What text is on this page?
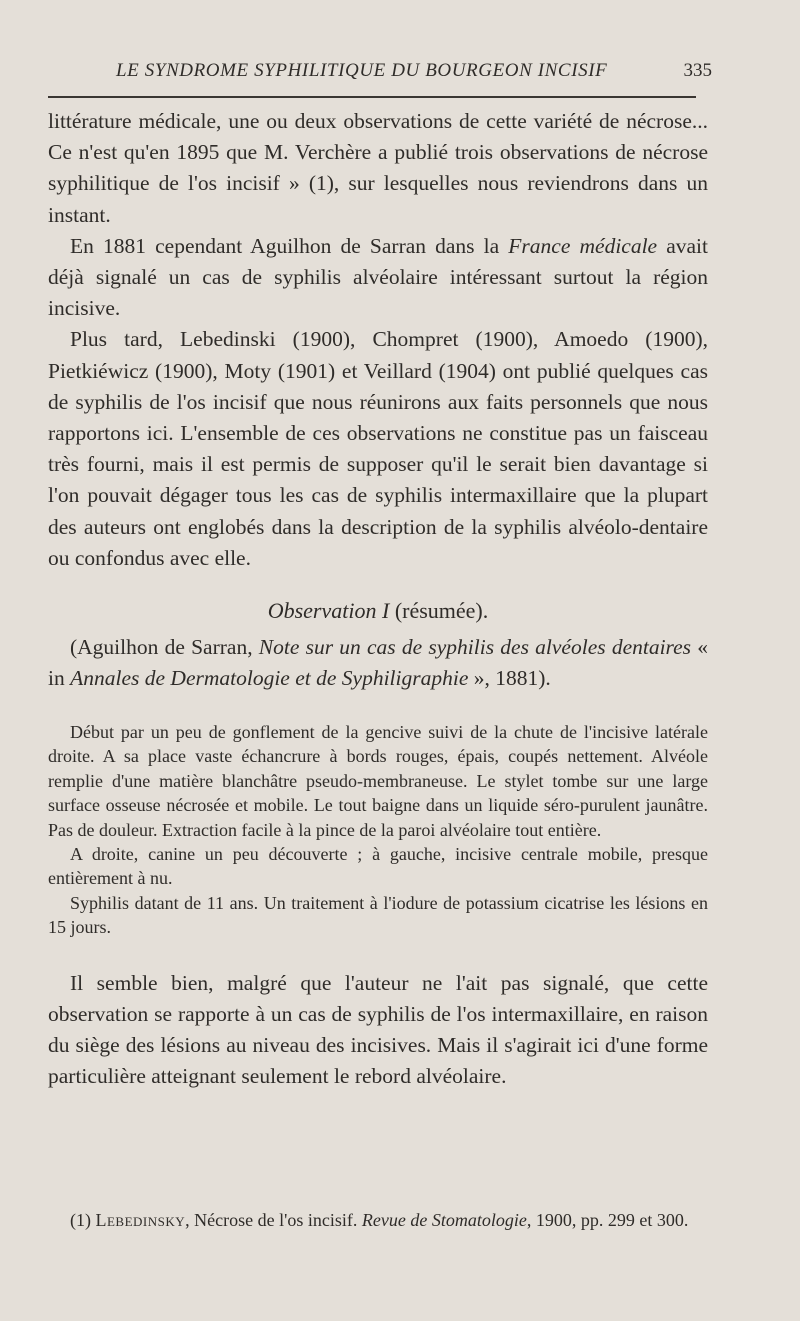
LE SYNDROME SYPHILITIQUE DU BOURGEON INCISIF	335

littérature médicale, une ou deux observations de cette variété de nécrose... Ce n'est qu'en 1895 que M. Verchère a publié trois observations de nécrose syphilitique de l'os incisif » (1), sur lesquelles nous reviendrons dans un instant.

En 1881 cependant Aguilhon de Sarran dans la France médicale avait déjà signalé un cas de syphilis alvéolaire intéressant surtout la région incisive.

Plus tard, Lebedinski (1900), Chompret (1900), Amoedo (1900), Pietkiéwicz (1900), Moty (1901) et Veillard (1904) ont publié quelques cas de syphilis de l'os incisif que nous réunirons aux faits personnels que nous rapportons ici. L'ensemble de ces observations ne constitue pas un faisceau très fourni, mais il est permis de supposer qu'il le serait bien davantage si l'on pouvait dégager tous les cas de syphilis intermaxillaire que la plupart des auteurs ont englobés dans la description de la syphilis alvéolo-dentaire ou confondus avec elle.

Observation I (résumée).

(Aguilhon de Sarran, Note sur un cas de syphilis des alvéoles dentaires « in Annales de Dermatologie et de Syphiligraphie », 1881).

Début par un peu de gonflement de la gencive suivi de la chute de l'incisive latérale droite. A sa place vaste échancrure à bords rouges, épais, coupés nettement. Alvéole remplie d'une matière blanchâtre pseudo-membraneuse. Le stylet tombe sur une large surface osseuse nécrosée et mobile. Le tout baigne dans un liquide séro-purulent jaunâtre. Pas de douleur. Extraction facile à la pince de la paroi alvéolaire tout entière.

A droite, canine un peu découverte ; à gauche, incisive centrale mobile, presque entièrement à nu.

Syphilis datant de 11 ans. Un traitement à l'iodure de potassium cicatrise les lésions en 15 jours.

Il semble bien, malgré que l'auteur ne l'ait pas signalé, que cette observation se rapporte à un cas de syphilis de l'os intermaxillaire, en raison du siège des lésions au niveau des incisives. Mais il s'agirait ici d'une forme particulière atteignant seulement le rebord alvéolaire.

(1) Lebedinsky, Nécrose de l'os incisif. Revue de Stomatologie, 1900, pp. 299 et 300.
